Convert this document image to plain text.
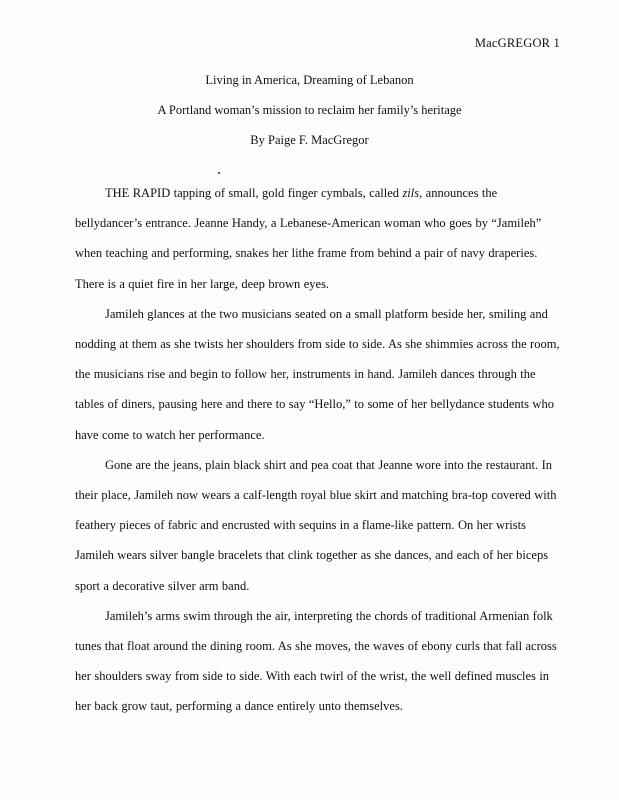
MacGREGOR 1
Living in America, Dreaming of Lebanon
A Portland woman’s mission to reclaim her family’s heritage
By Paige F. MacGregor
THE RAPID tapping of small, gold finger cymbals, called zils, announces the
bellydancer’s entrance. Jeanne Handy, a Lebanese-American woman who goes by “Jamileh”
when teaching and performing, snakes her lithe frame from behind a pair of navy draperies.
There is a quiet fire in her large, deep brown eyes.
Jamileh glances at the two musicians seated on a small platform beside her, smiling and
nodding at them as she twists her shoulders from side to side. As she shimmies across the room,
the musicians rise and begin to follow her, instruments in hand. Jamileh dances through the
tables of diners, pausing here and there to say “Hello,” to some of her bellydance students who
have come to watch her performance.
Gone are the jeans, plain black shirt and pea coat that Jeanne wore into the restaurant. In
their place, Jamileh now wears a calf-length royal blue skirt and matching bra-top covered with
feathery pieces of fabric and encrusted with sequins in a flame-like pattern. On her wrists
Jamileh wears silver bangle bracelets that clink together as she dances, and each of her biceps
sport a decorative silver arm band.
Jamileh’s arms swim through the air, interpreting the chords of traditional Armenian folk
tunes that float around the dining room. As she moves, the waves of ebony curls that fall across
her shoulders sway from side to side. With each twirl of the wrist, the well defined muscles in
her back grow taut, performing a dance entirely unto themselves.
